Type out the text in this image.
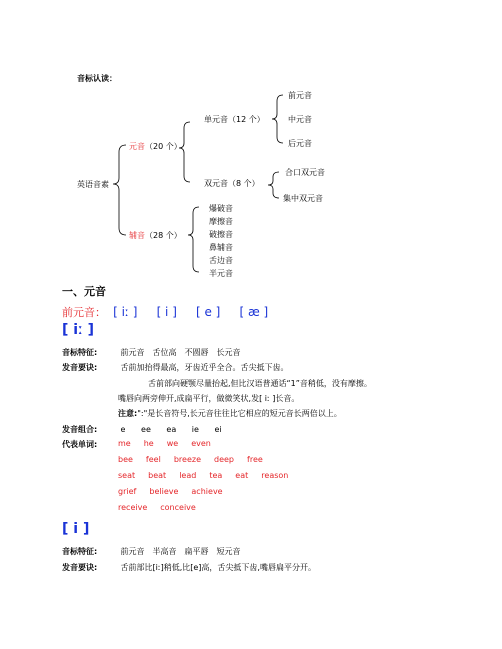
音标认读：
英语音素
元音（20 个）
辅音（28 个）
单元音（12 个）
双元音（8 个）
前元音
中元音
后元音
合口双元音
集中双元音
爆破音
摩擦音
破擦音
鼻辅音
舌边音
半元音
一、元音
前元音： [ iː ] [ i ] [ e ] [ æ ]
[ iː ]
音标特征:	前元音　舌位高　不圆唇　长元音
发音要诀:	舌前加抬得最高，牙齿近乎全合。舌尖抵下齿。
舌前部向硬颚尽量抬起,但比汉语普通话“1”音稍低，没有摩擦。
嘴唇向两旁伸开,成扁平行，做微笑状,发[ iː ]长音。
注意:":"是长音符号,长元音往往比它相应的短元音长两倍以上。
发音组合:	e ee ea ie ei
代表单词:	me he we even
bee feel breeze deep free
seat beat lead tea eat reason
grief believe achieve
receive conceive
[ i ]
音标特征:	前元音　半高音　扁平唇　短元音
发音要诀:	舌前部比[iː]稍低,比[e]高，舌尖抵下齿,嘴唇扁平分开。
